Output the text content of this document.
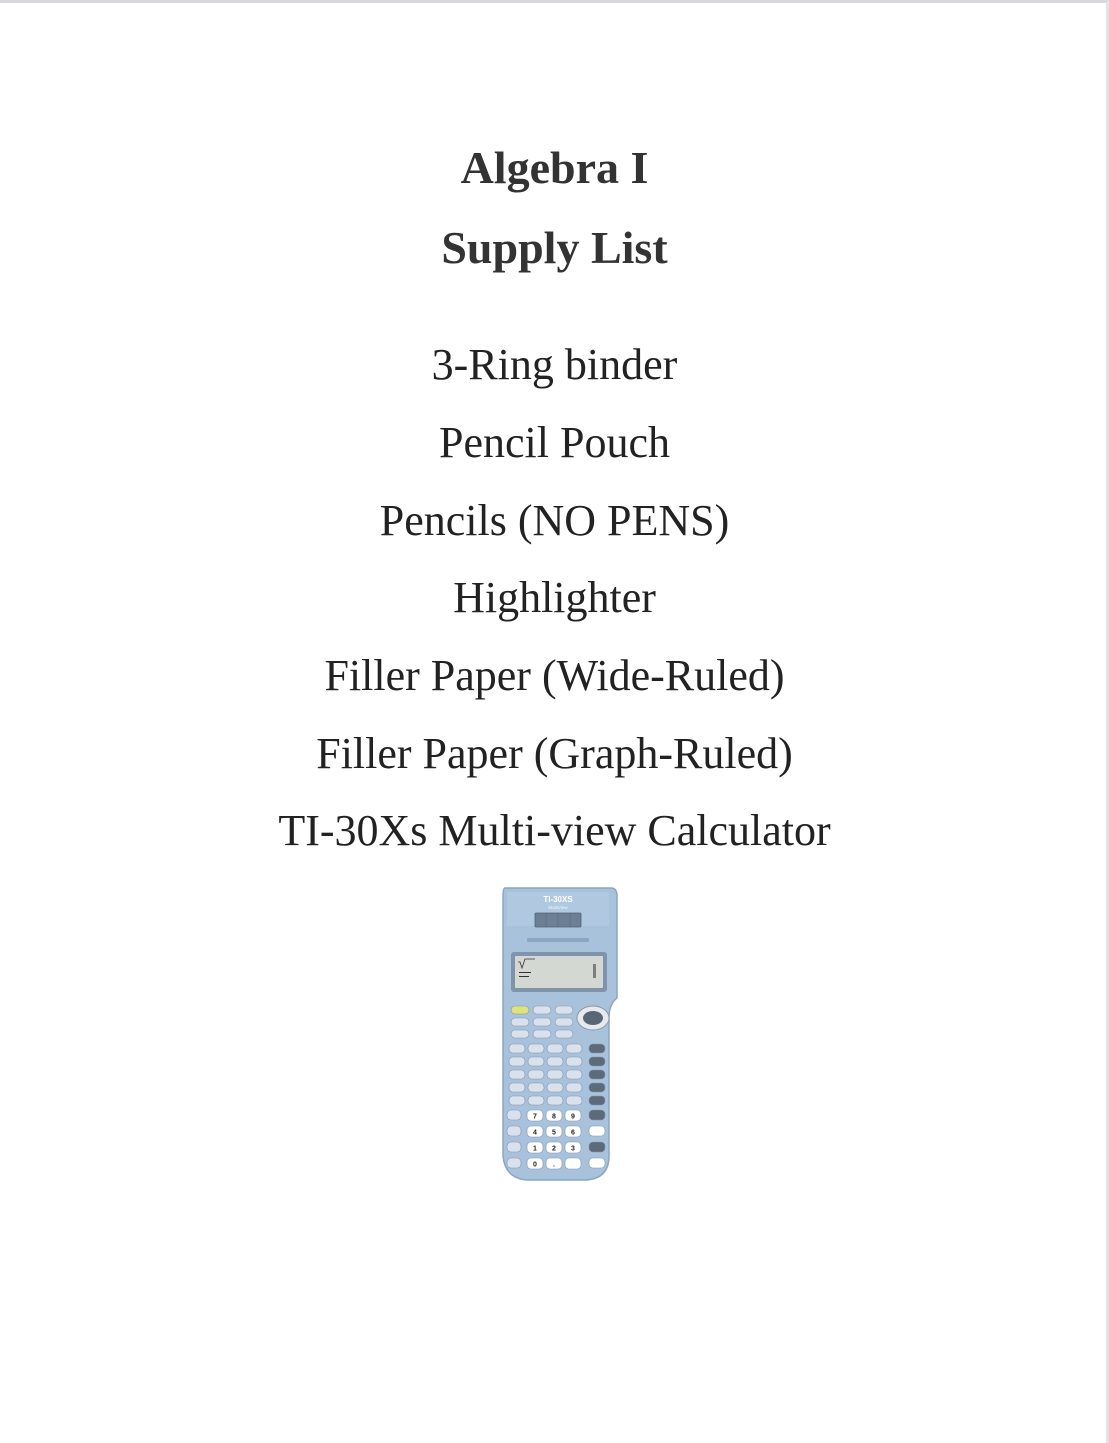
Algebra I
Supply List
3-Ring binder
Pencil Pouch
Pencils (NO PENS)
Highlighter
Filler Paper (Wide-Ruled)
Filler Paper (Graph-Ruled)
TI-30Xs Multi-view Calculator
TI-30XS
MultiView
7 8 9
4 5 6
1 2 3
0 .
